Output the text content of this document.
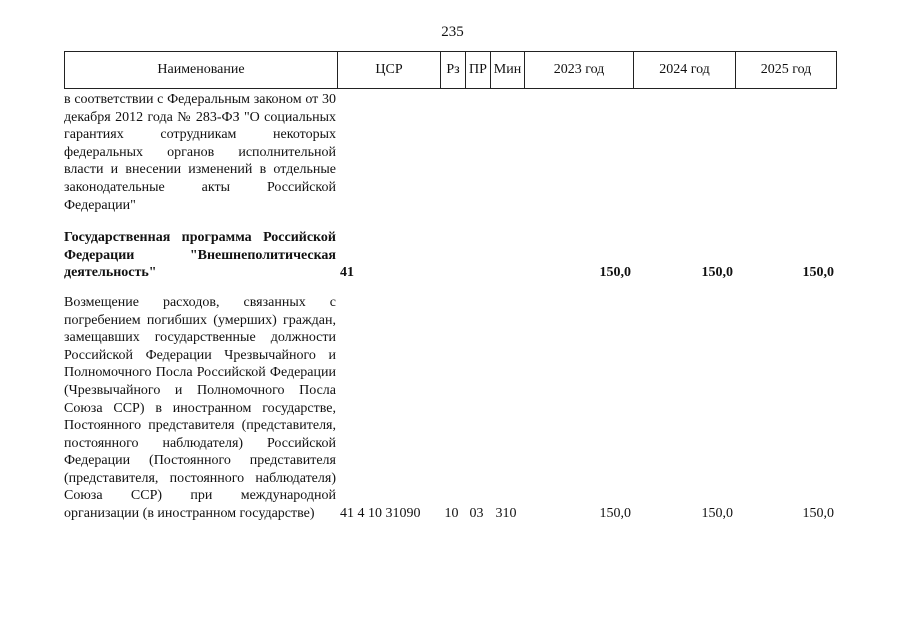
235
Наименование	ЦСР	Рз ПР Мин	2023 год	2024 год	2025 год
в соответствии с Федеральным законом от 30 декабря 2012 года № 283-ФЗ "О социальных гарантиях сотрудникам некоторых федеральных органов исполнительной власти и внесении изменений в отдельные законодательные акты Российской Федерации"
Государственная программа Российской Федерации "Внешнеполитическая деятельность"	41	150,0	150,0	150,0
Возмещение расходов, связанных с погребением погибших (умерших) граждан, замещавших государственные должности Российской Федерации Чрезвычайного и Полномочного Посла Российской Федерации (Чрезвычайного и Полномочного Посла Союза ССР) в иностранном государстве, Постоянного представителя (представителя, постоянного наблюдателя) Российской Федерации (Постоянного представителя (представителя, постоянного наблюдателя) Союза ССР) при международной организации (в иностранном государстве)	41 4 10 31090	10 03 310	150,0	150,0	150,0
